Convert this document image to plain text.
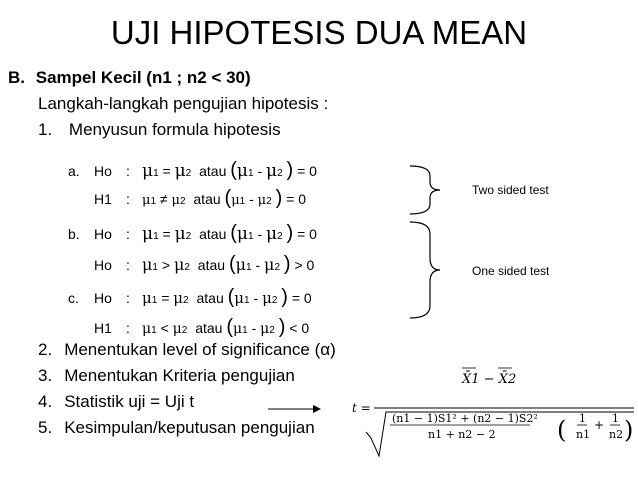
UJI HIPOTESIS DUA MEAN
B. Sampel Kecil (n1 ; n2 < 30)
Langkah-langkah pengujian hipotesis :
1. Menyusun formula hipotesis
a. Ho : μ1 = μ2 atau (μ1 - μ2 ) = 0
H1 : μ1 ≠ μ2 atau (μ1 - μ2 ) = 0
b. Ho : μ1 = μ2 atau (μ1 - μ2 ) = 0
Ho : μ1 > μ2 atau (μ1 - μ2 ) > 0
c. Ho : μ1 = μ2 atau (μ1 - μ2 ) = 0
H1 : μ1 < μ2 atau (μ1 - μ2 ) < 0
Two sided test
One sided test
2. Menentukan level of significance (α)
3. Menentukan Kriteria pengujian
4. Statistik uji = Uji t
5. Kesimpulan/keputusan pengujian
t =
X̄1 − X̄2
(n1 − 1)S1² + (n2 − 1)S2²
n1 + n2 − 2	( 1
n1
+ 1
n2 )
